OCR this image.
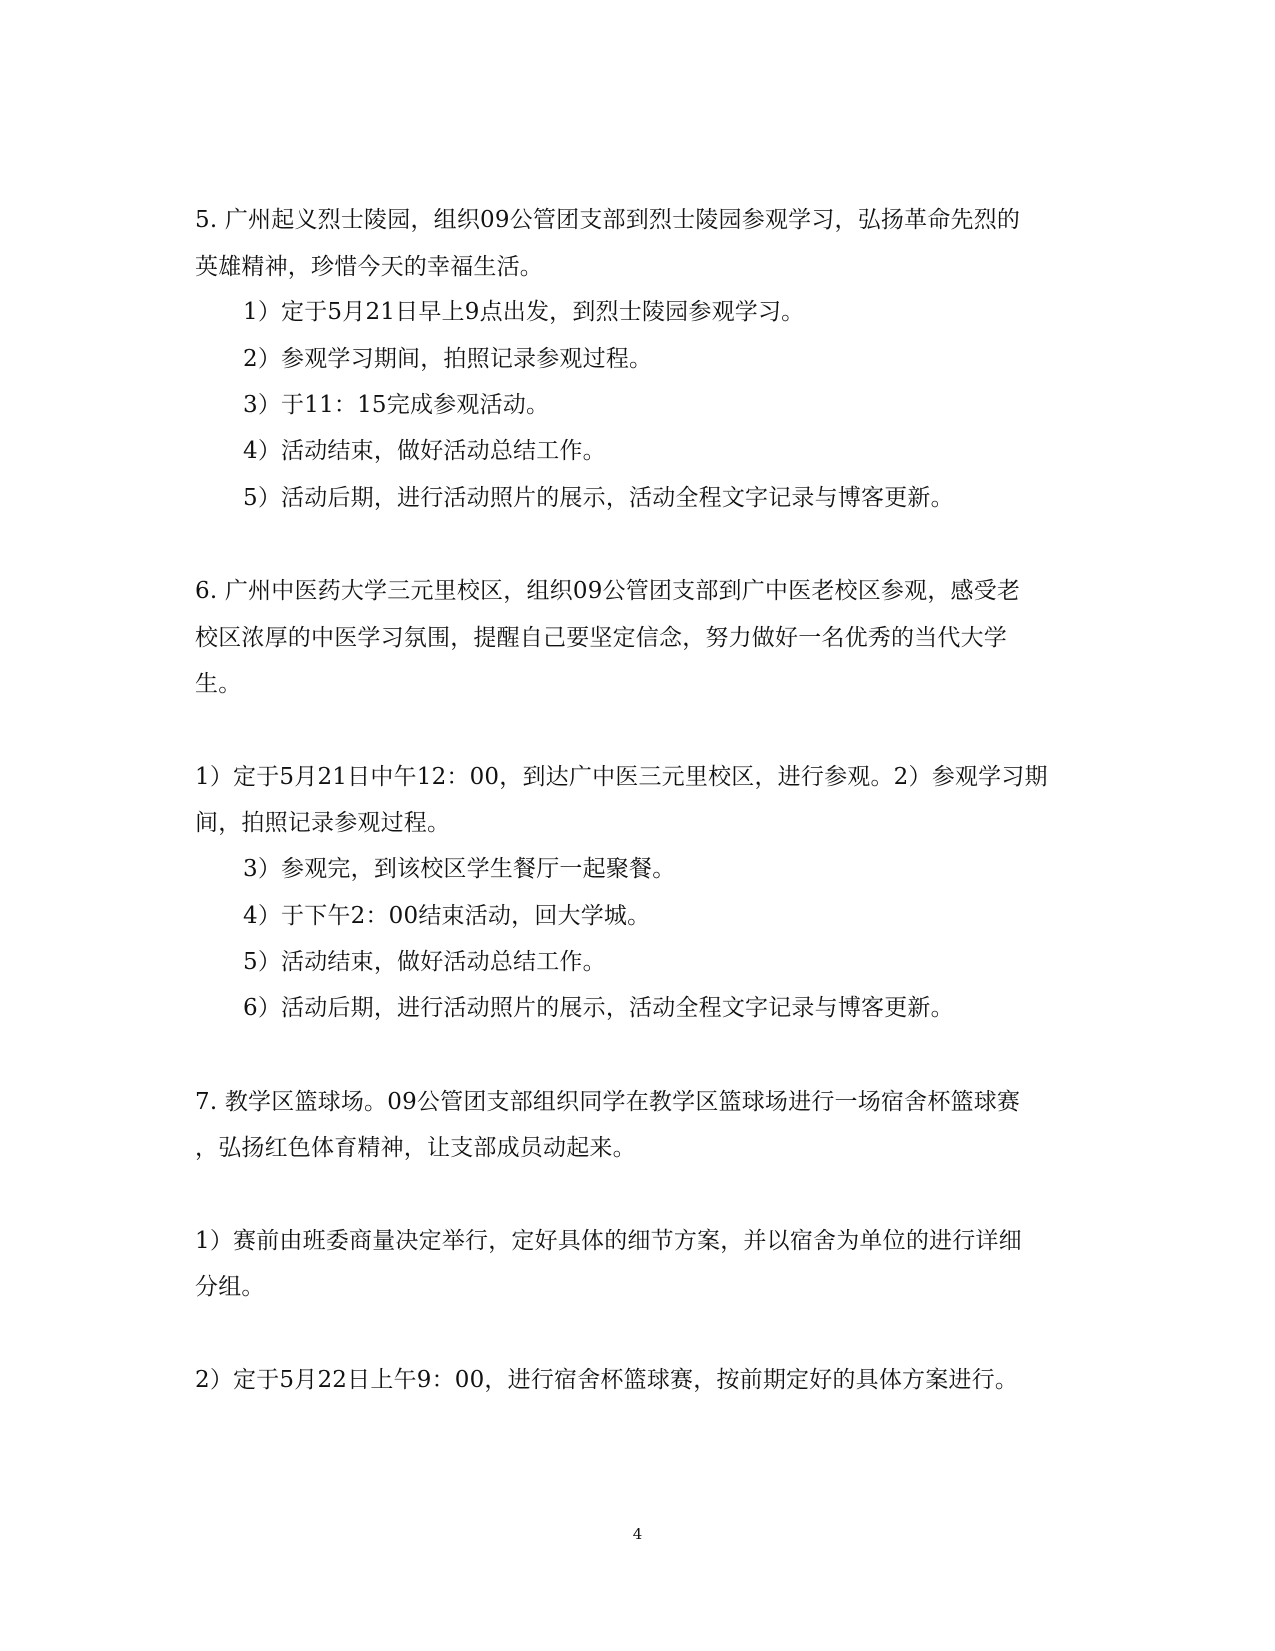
5. 广州起义烈士陵园，组织09公管团支部到烈士陵园参观学习，弘扬革命先烈的
英雄精神，珍惜今天的幸福生活。
1）定于5月21日早上9点出发，到烈士陵园参观学习。
2）参观学习期间，拍照记录参观过程。
3）于11：15完成参观活动。
4）活动结束，做好活动总结工作。
5）活动后期，进行活动照片的展示，活动全程文字记录与博客更新。
6. 广州中医药大学三元里校区，组织09公管团支部到广中医老校区参观，感受老
校区浓厚的中医学习氛围，提醒自己要坚定信念，努力做好一名优秀的当代大学
生。
1）定于5月21日中午12：00，到达广中医三元里校区，进行参观。2）参观学习期
间，拍照记录参观过程。
3）参观完，到该校区学生餐厅一起聚餐。
4）于下午2：00结束活动，回大学城。
5）活动结束，做好活动总结工作。
6）活动后期，进行活动照片的展示，活动全程文字记录与博客更新。
7. 教学区篮球场。09公管团支部组织同学在教学区篮球场进行一场宿舍杯篮球赛
，弘扬红色体育精神，让支部成员动起来。
1）赛前由班委商量决定举行，定好具体的细节方案，并以宿舍为单位的进行详细
分组。
2）定于5月22日上午9：00，进行宿舍杯篮球赛，按前期定好的具体方案进行。
4
